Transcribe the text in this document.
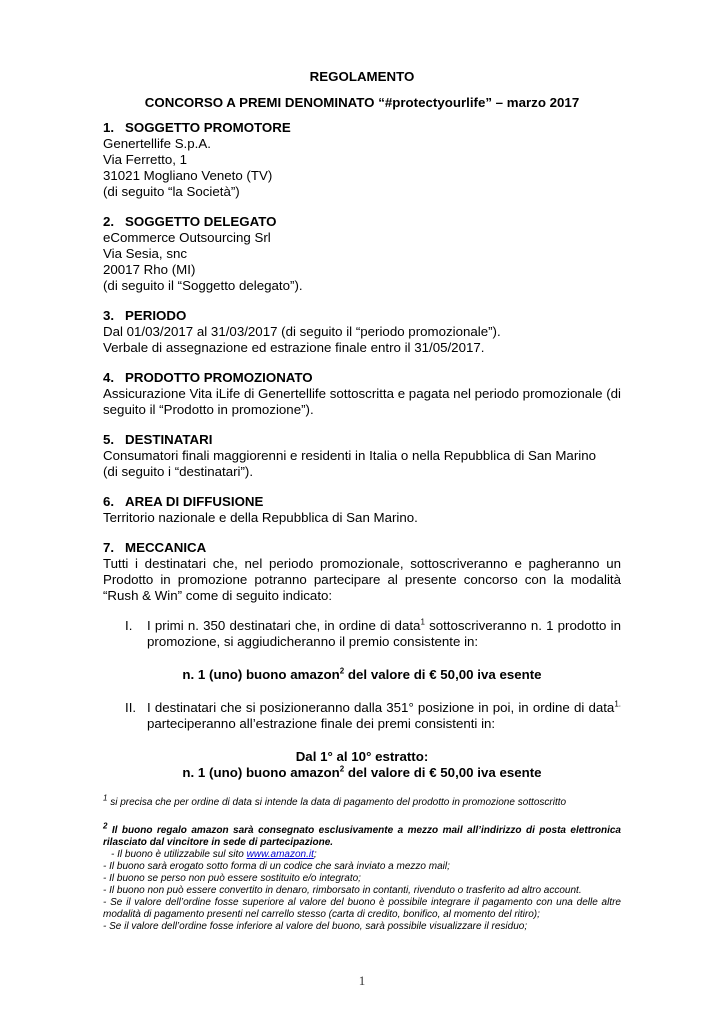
REGOLAMENTO
CONCORSO A PREMI DENOMINATO “#protectyourlife” – marzo 2017
1. SOGGETTO PROMOTORE
Genertellife S.p.A.
Via Ferretto, 1
31021 Mogliano Veneto (TV)
(di seguito “la Società”)
2. SOGGETTO DELEGATO
eCommerce Outsourcing Srl
Via Sesia, snc
20017 Rho (MI)
(di seguito il “Soggetto delegato”).
3. PERIODO
Dal 01/03/2017 al 31/03/2017 (di seguito il “periodo promozionale”).
Verbale di assegnazione ed estrazione finale entro il 31/05/2017.
4. PRODOTTO PROMOZIONATO
Assicurazione Vita iLife di Genertellife sottoscritta e pagata nel periodo promozionale (di seguito il “Prodotto in promozione”).
5. DESTINATARI
Consumatori finali maggiorenni e residenti in Italia o nella Repubblica di San Marino
(di seguito i “destinatari”).
6. AREA DI DIFFUSIONE
Territorio nazionale e della Repubblica di San Marino.
7. MECCANICA
Tutti i destinatari che, nel periodo promozionale, sottoscriveranno e pagheranno un Prodotto in promozione potranno partecipare al presente concorso con la modalità “Rush & Win” come di seguito indicato:
I. I primi n. 350 destinatari che, in ordine di data$^1$ sottoscriveranno n. 1 prodotto in promozione, si aggiudicheranno il premio consistente in:
n. 1 (uno) buono amazon$^2$ del valore di € 50,00 iva esente
II. I destinatari che si posizioneranno dalla 351° posizione in poi, in ordine di data$^{1.}$ parteciperanno all’estrazione finale dei premi consistenti in:
Dal 1° al 10° estratto:
n. 1 (uno) buono amazon$^2$ del valore di € 50,00 iva esente
$^1$ si precisa che per ordine di data si intende la data di pagamento del prodotto in promozione sottoscritto
$^2$ Il buono regalo amazon sarà consegnato esclusivamente a mezzo mail all’indirizzo di posta elettronica rilasciato dal vincitore in sede di partecipazione.
- Il buono è utilizzabile sul sito www.amazon.it;
- Il buono sarà erogato sotto forma di un codice che sarà inviato a mezzo mail;
- Il buono se perso non può essere sostituito e/o integrato;
- Il buono non può essere convertito in denaro, rimborsato in contanti, rivenduto o trasferito ad altro account.
- Se il valore dell’ordine fosse superiore al valore del buono è possibile integrare il pagamento con una delle altre modalità di pagamento presenti nel carrello stesso (carta di credito, bonifico, al momento del ritiro);
- Se il valore dell’ordine fosse inferiore al valore del buono, sarà possibile visualizzare il residuo;
1
